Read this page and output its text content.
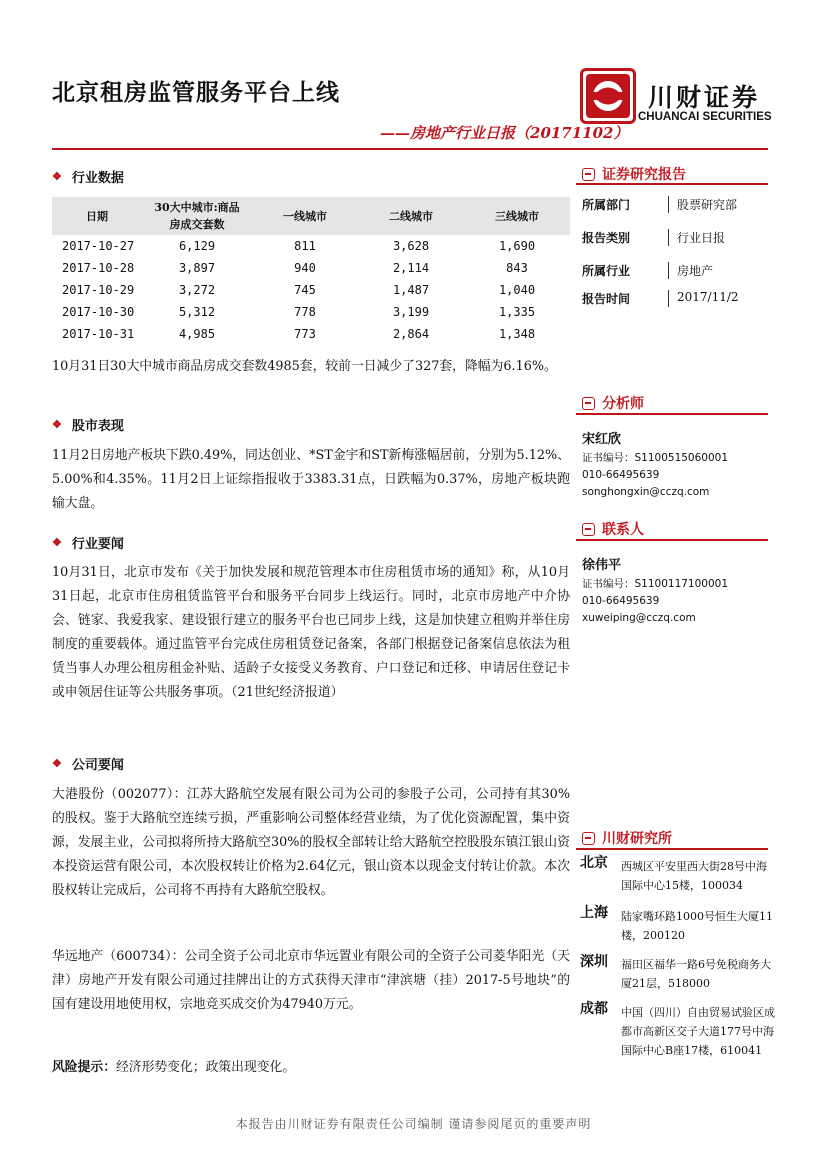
北京租房监管服务平台上线
——房地产行业日报（20171102）
川财证券
CHUANCAI SECURITIES
❖ 行业数据
日期	30大中城市:商品房成交套数	一线城市	二线城市	三线城市
2017-10-27	6,129	811	3,628	1,690
2017-10-28	3,897	940	2,114	843
2017-10-29	3,272	745	1,487	1,040
2017-10-30	5,312	778	3,199	1,335
2017-10-31	4,985	773	2,864	1,348
10月31日30大中城市商品房成交套数4985套，较前一日减少了327套，降幅为6.16%。
❖ 股市表现
11月2日房地产板块下跌0.49%，同达创业、*ST金宇和ST新梅涨幅居前，分别为5.12%、5.00%和4.35%。11月2日上证综指报收于3383.31点，日跌幅为0.37%，房地产板块跑输大盘。
❖ 行业要闻
10月31日，北京市发布《关于加快发展和规范管理本市住房租赁市场的通知》称，从10月31日起，北京市住房租赁监管平台和服务平台同步上线运行。同时，北京市房地产中介协会、链家、我爱我家、建设银行建立的服务平台也已同步上线，这是加快建立租购并举住房制度的重要载体。通过监管平台完成住房租赁登记备案，各部门根据登记备案信息依法为租赁当事人办理公租房租金补贴、适龄子女接受义务教育、户口登记和迁移、申请居住登记卡或申领居住证等公共服务事项。（21世纪经济报道）
❖ 公司要闻
大港股份（002077）：江苏大路航空发展有限公司为公司的参股子公司，公司持有其30%的股权。鉴于大路航空连续亏损，严重影响公司整体经营业绩，为了优化资源配置，集中资源，发展主业，公司拟将所持大路航空30%的股权全部转让给大路航空控股股东镇江银山资本投资运营有限公司，本次股权转让价格为2.64亿元，银山资本以现金支付转让价款。本次股权转让完成后，公司将不再持有大路航空股权。
华远地产（600734）：公司全资子公司北京市华远置业有限公司的全资子公司菱华阳光（天津）房地产开发有限公司通过挂牌出让的方式获得天津市“津滨塘（挂）2017-5号地块”的国有建设用地使用权，宗地竞买成交价为47940万元。
风险提示：经济形势变化；政策出现变化。
本报告由川财证券有限责任公司编制 谨请参阅尾页的重要声明
证券研究报告
所属部门	股票研究部
报告类别	行业日报
所属行业	房地产
报告时间	2017/11/2
分析师
宋红欣
证书编号：S1100515060001
010-66495639
songhongxin@cczq.com
联系人
徐伟平
证书编号：S1100117100001
010-66495639
xuweiping@cczq.com
川财研究所
北京 西城区平安里西大街28号中海国际中心15楼，100034
上海 陆家嘴环路1000号恒生大厦11楼，200120
深圳 福田区福华一路6号免税商务大厦21层，518000
成都 中国（四川）自由贸易试验区成都市高新区交子大道177号中海国际中心B座17楼，610041
